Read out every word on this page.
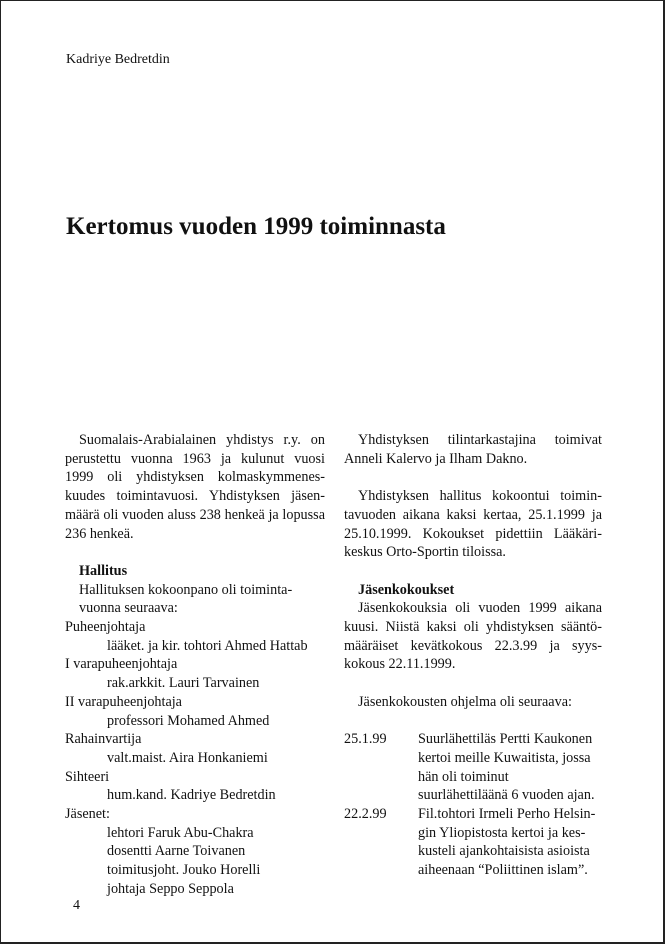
Kadriye Bedretdin
Kertomus vuoden 1999 toiminnasta

Suomalais-Arabialainen yhdistys r.y. on perustettu vuonna 1963 ja kulunut vuosi 1999 oli yhdistyksen kolmaskymmeneskuudes toimintavuosi. Yhdistyksen jäsenmäärä oli vuoden aluss 238 henkeä ja lopussa 236 henkeä.

Hallitus

Hallituksen kokoonpano oli toimintavuonna seuraava:

Puheenjohtaja

lääket. ja kir. tohtori Ahmed Hattab

I varapuheenjohtaja

rak.arkkit. Lauri Tarvainen

II varapuheenjohtaja

professori Mohamed Ahmed

Rahainvartija

valt.maist. Aira Honkaniemi

Sihteeri

hum.kand. Kadriye Bedretdin

Jäsenet:

lehtori Faruk Abu-Chakra

dosentti Aarne Toivanen

toimitusjoht. Jouko Horelli

johtaja Seppo Seppola

Yhdistyksen tilintarkastajina toimivat Anneli Kalervo ja Ilham Dakno.

Yhdistyksen hallitus kokoontui toimintavuoden aikana kaksi kertaa, 25.1.1999 ja 25.10.1999. Kokoukset pidettiin Lääkärikeskus Orto-Sportin tiloissa.

Jäsenkokoukset

Jäsenkokouksia oli vuoden 1999 aikana kuusi. Niistä kaksi oli yhdistyksen sääntömääräiset kevätkokous 22.3.99 ja syyskokous 22.11.1999.

Jäsenkokousten ohjelma oli seuraava:

25.1.99	Suurlähettiläs Pertti Kaukonen kertoi meille Kuwaitista, jossa hän oli toiminut suurlähettiläänä 6 vuoden ajan.
22.2.99	Fil.tohtori Irmeli Perho Helsingin Yliopistosta kertoi ja keskusteli ajankohtaisista asioista aiheenaan “Poliittinen islam”.
4
